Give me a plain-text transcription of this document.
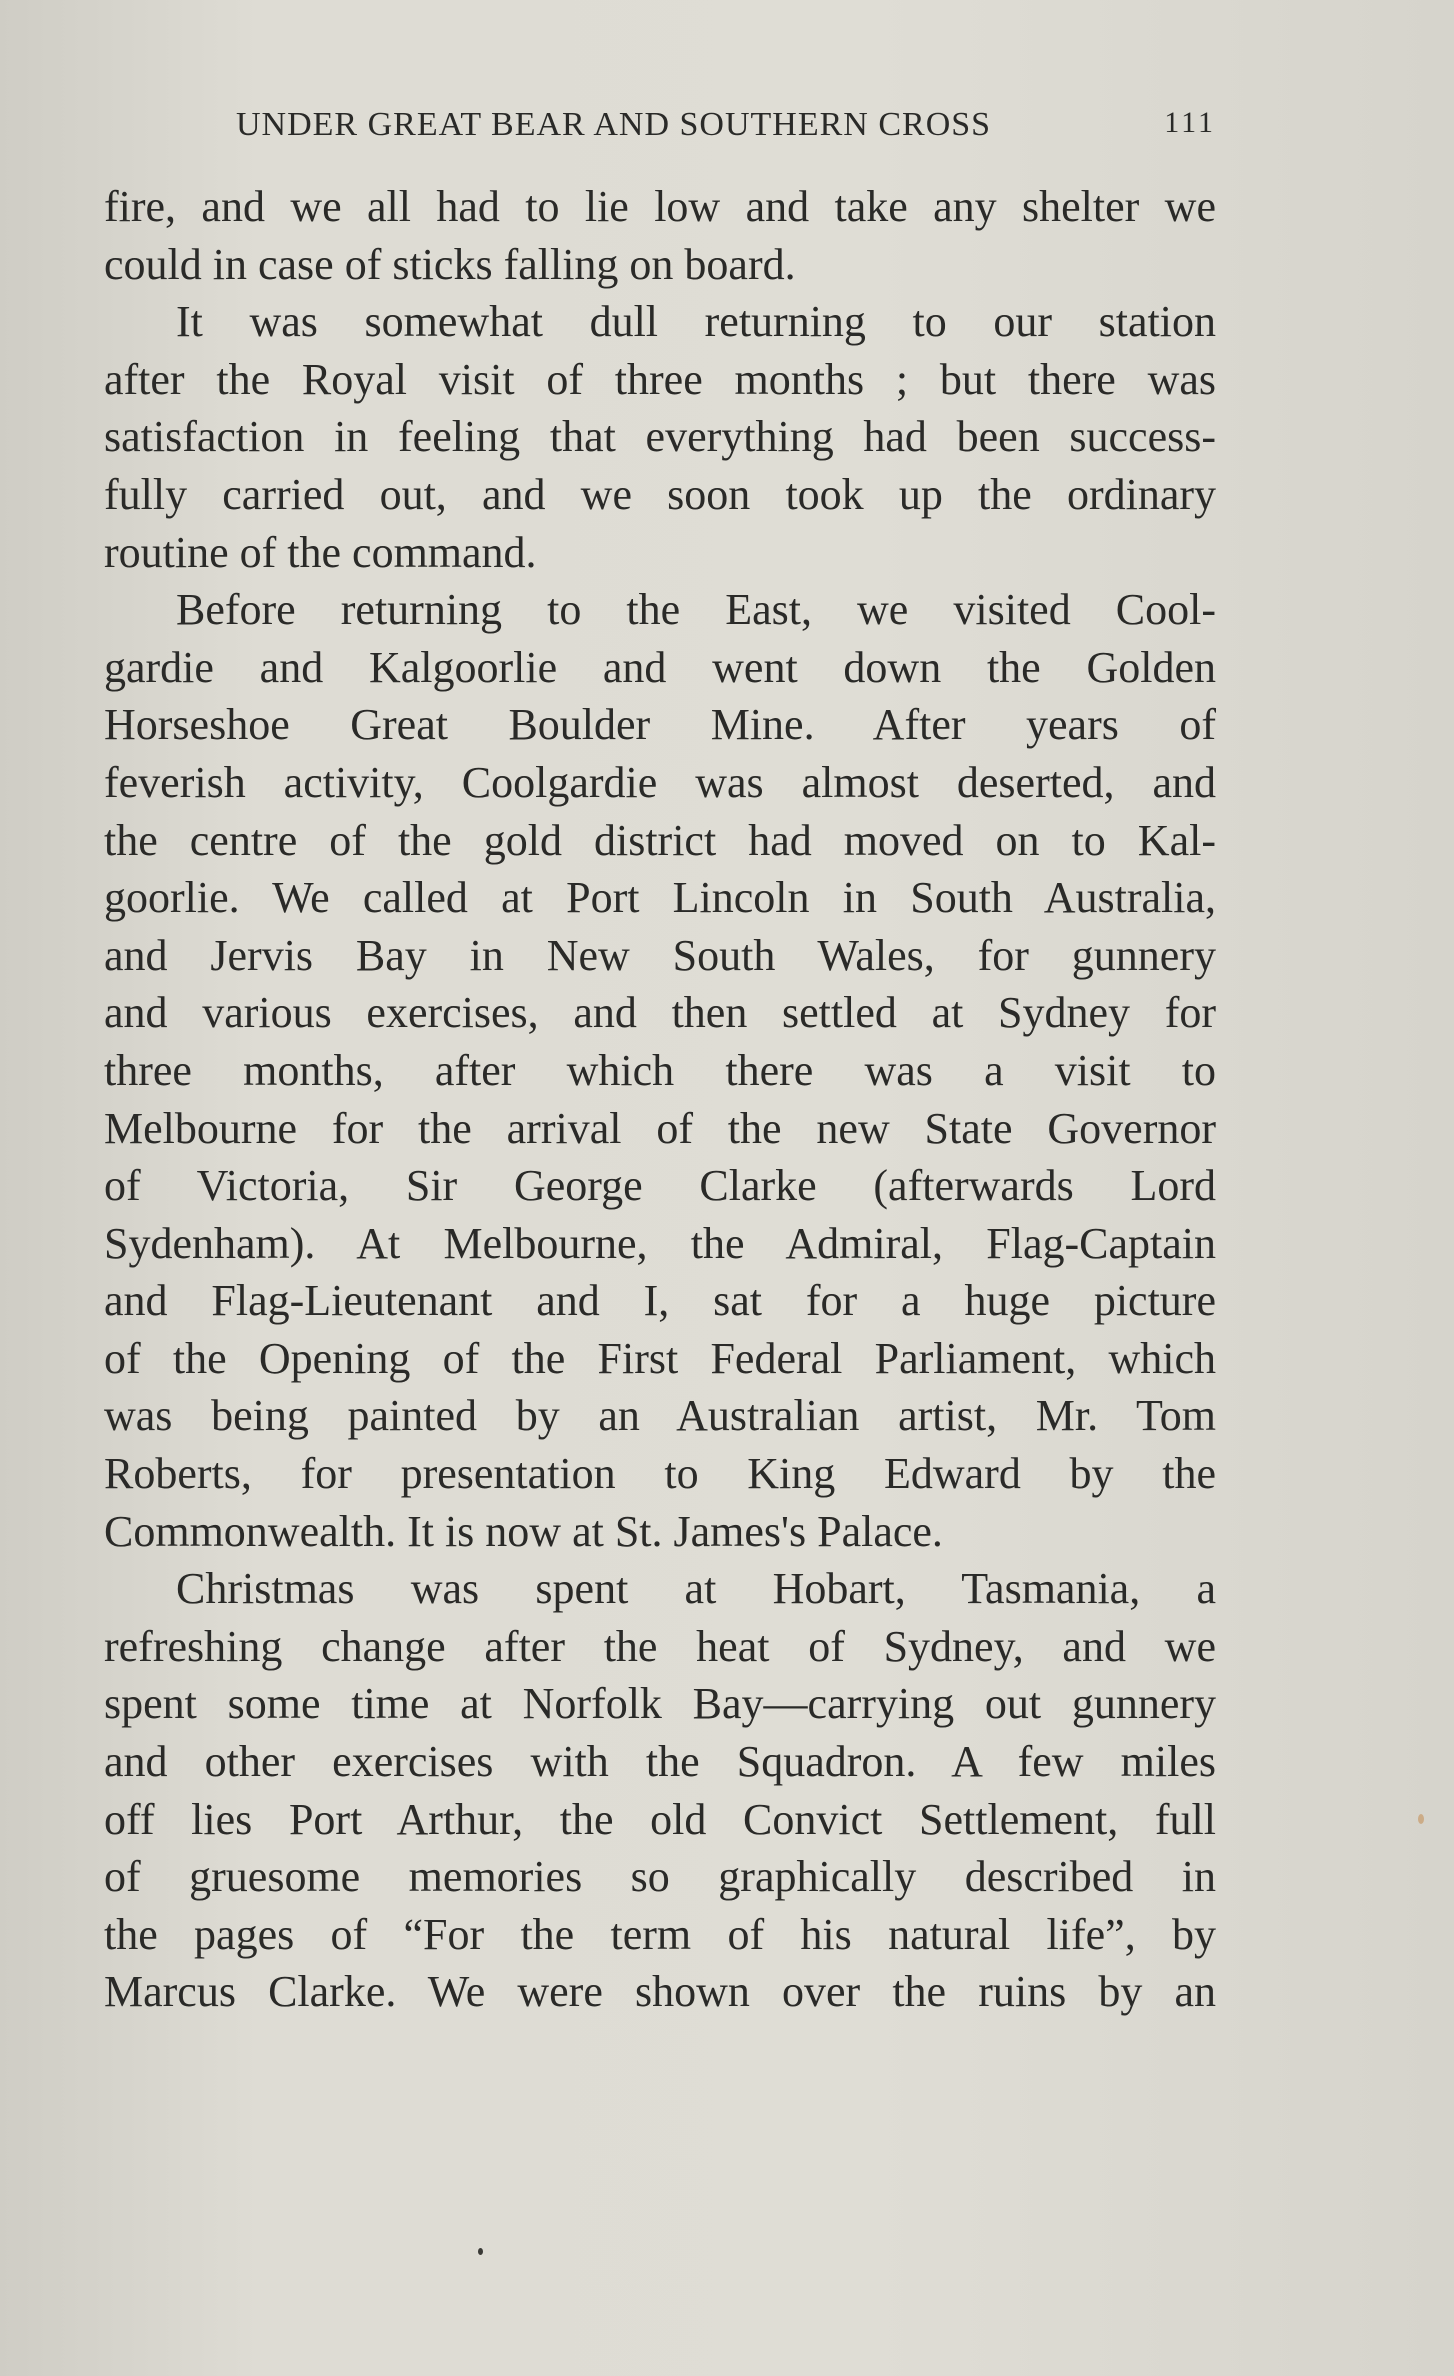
UNDER GREAT BEAR AND SOUTHERN CROSS	111
fire, and we all had to lie low and take any shelter we
could in case of sticks falling on board.
It was somewhat dull returning to our station
after the Royal visit of three months ; but there was
satisfaction in feeling that everything had been success-
fully carried out, and we soon took up the ordinary
routine of the command.
Before returning to the East, we visited Cool-
gardie and Kalgoorlie and went down the Golden
Horseshoe Great Boulder Mine. After years of
feverish activity, Coolgardie was almost deserted, and
the centre of the gold district had moved on to Kal-
goorlie. We called at Port Lincoln in South Australia,
and Jervis Bay in New South Wales, for gunnery
and various exercises, and then settled at Sydney for
three months, after which there was a visit to
Melbourne for the arrival of the new State Governor
of Victoria, Sir George Clarke (afterwards Lord
Sydenham). At Melbourne, the Admiral, Flag-Captain
and Flag-Lieutenant and I, sat for a huge picture
of the Opening of the First Federal Parliament, which
was being painted by an Australian artist, Mr. Tom
Roberts, for presentation to King Edward by the
Commonwealth. It is now at St. James's Palace.
Christmas was spent at Hobart, Tasmania, a
refreshing change after the heat of Sydney, and we
spent some time at Norfolk Bay—carrying out gunnery
and other exercises with the Squadron. A few miles
off lies Port Arthur, the old Convict Settlement, full
of gruesome memories so graphically described in
the pages of “For the term of his natural life”, by
Marcus Clarke. We were shown over the ruins by an
